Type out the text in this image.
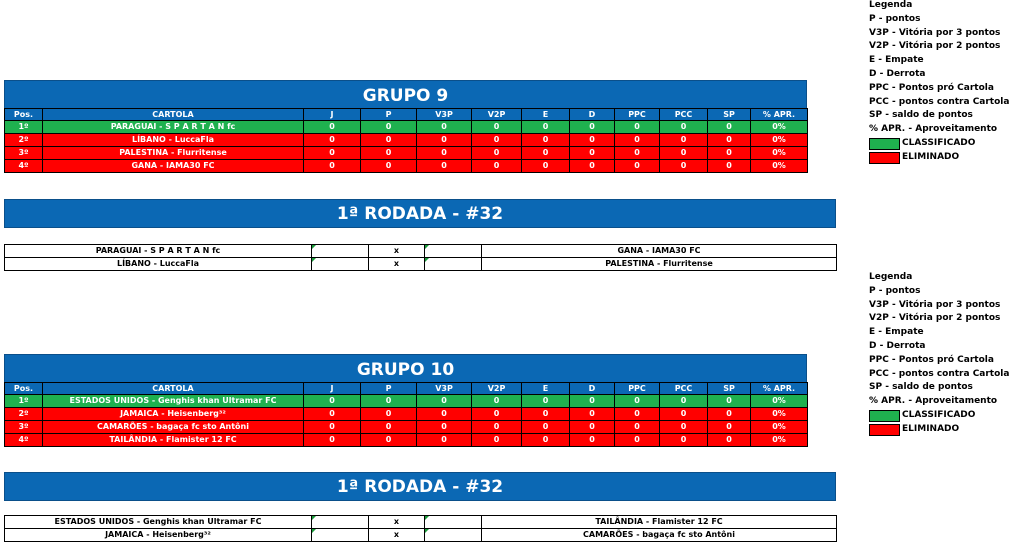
GRUPO 9
Pos.	CARTOLA	J	P	V3P	V2P	E	D	PPC	PCC	SP	% APR.
1º	PARAGUAI - S P A R T A N fc	0	0	0	0	0	0	0	0	0	0%
2º	LÍBANO - LuccaFla	0	0	0	0	0	0	0	0	0	0%
3º	PALESTINA - Flurritense	0	0	0	0	0	0	0	0	0	0%
4º	GANA - IAMA30 FC	0	0	0	0	0	0	0	0	0	0%
1ª RODADA - #32
PARAGUAI - S P A R T A N fc		x		GANA - IAMA30 FC
LÍBANO - LuccaFla		x		PALESTINA - Flurritense
GRUPO 10
Pos.	CARTOLA	J	P	V3P	V2P	E	D	PPC	PCC	SP	% APR.
1º	ESTADOS UNIDOS - Genghis khan Ultramar FC	0	0	0	0	0	0	0	0	0	0%
2º	JAMAICA - Heisenberg³²	0	0	0	0	0	0	0	0	0	0%
3º	CAMARÕES - bagaça fc sto Antôni	0	0	0	0	0	0	0	0	0	0%
4º	TAILÂNDIA - Flamister 12 FC	0	0	0	0	0	0	0	0	0	0%
1ª RODADA - #32
ESTADOS UNIDOS - Genghis khan Ultramar FC		x		TAILÂNDIA - Flamister 12 FC
JAMAICA - Heisenberg³²		x		CAMARÕES - bagaça fc sto Antôni
Legenda
P - pontos
V3P - Vitória por 3 pontos
V2P - Vitória por 2 pontos
E - Empate
D - Derrota
PPC - Pontos pró Cartola
PCC - pontos contra Cartola
SP - saldo de pontos
% APR. - Aproveitamento
CLASSIFICADO
ELIMINADO
Legenda
P - pontos
V3P - Vitória por 3 pontos
V2P - Vitória por 2 pontos
E - Empate
D - Derrota
PPC - Pontos pró Cartola
PCC - pontos contra Cartola
SP - saldo de pontos
% APR. - Aproveitamento
CLASSIFICADO
ELIMINADO
